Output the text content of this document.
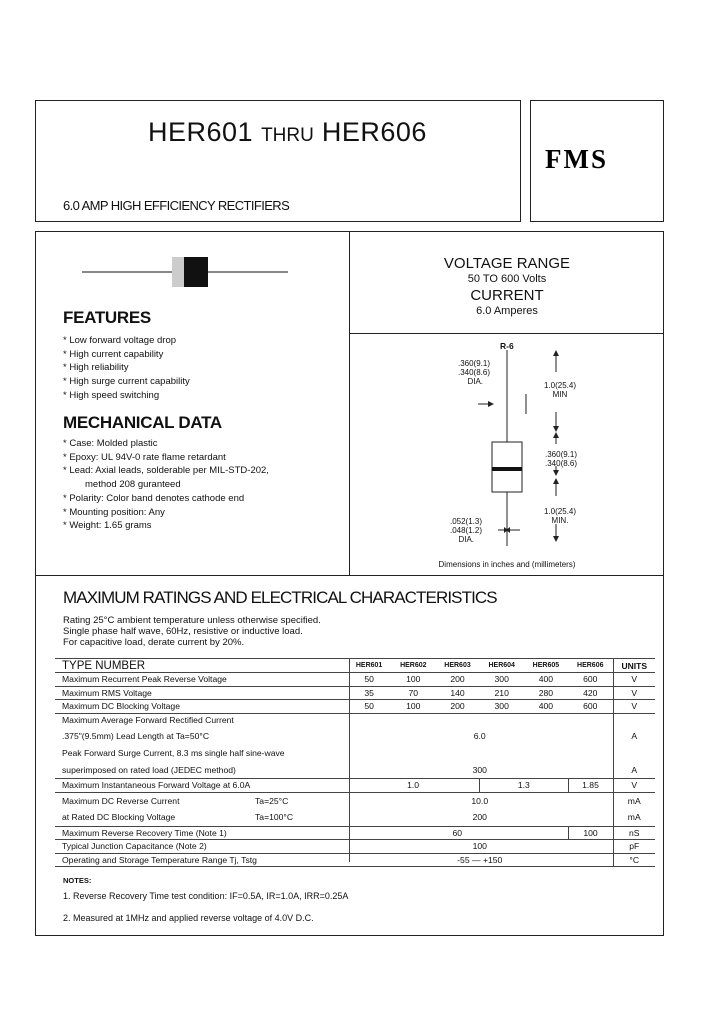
HER601 THRU HER606
FMS
6.0 AMP HIGH EFFICIENCY RECTIFIERS
FEATURES
* Low forward voltage drop
* High current capability
* High reliability
* High surge current capability
* High speed switching
MECHANICAL DATA
* Case: Molded plastic
* Epoxy: UL 94V-0 rate flame retardant
* Lead: Axial leads, solderable per MIL-STD-202,
method 208 guranteed
* Polarity: Color band denotes cathode end
* Mounting position: Any
* Weight: 1.65 grams
VOLTAGE RANGE
50 TO 600 Volts
CURRENT
6.0 Amperes
R-6
.360(9.1)
.340(8.6)
DIA.	1.0(25.4)
MIN
.360(9.1)
.340(8.6)
1.0(25.4)
MIN.
.052(1.3)
.048(1.2)
DIA.
Dimensions in inches and (millimeters)
MAXIMUM RATINGS AND ELECTRICAL CHARACTERISTICS
Rating 25°C ambient temperature unless otherwise specified.
Single phase half wave, 60Hz, resistive or inductive load.
For capacitive load, derate current by 20%.
TYPE NUMBER	HER601	HER602	HER603	HER604	HER605	HER606	UNITS
Maximum Recurrent Peak Reverse Voltage	50	100	200	300	400	600	V
Maximum RMS Voltage	35	70	140	210	280	420	V
Maximum DC Blocking Voltage	50	100	200	300	400	600	V
Maximum Average Forward Rectified Current							
.375"(9.5mm) Lead Length at Ta=50°C	6.0						A
Peak Forward Surge Current, 8.3 ms single half sine-wave							
superimposed on rated load (JEDEC method)	300						A
Maximum Instantaneous Forward Voltage at 6.0A	1.0			1.3		1.85	V
Maximum DC Reverse Current Ta=25°C	10.0						mA
at Rated DC Blocking Voltage Ta=100°C	200						mA
Maximum Reverse Recovery Time (Note 1)	60					100	nS
Typical Junction Capacitance (Note 2)	100						pF
Operating and Storage Temperature Range Tj, Tstg	-55 — +150						°C
NOTES:
1. Reverse Recovery Time test condition: IF=0.5A, IR=1.0A, IRR=0.25A
2. Measured at 1MHz and applied reverse voltage of 4.0V D.C.
